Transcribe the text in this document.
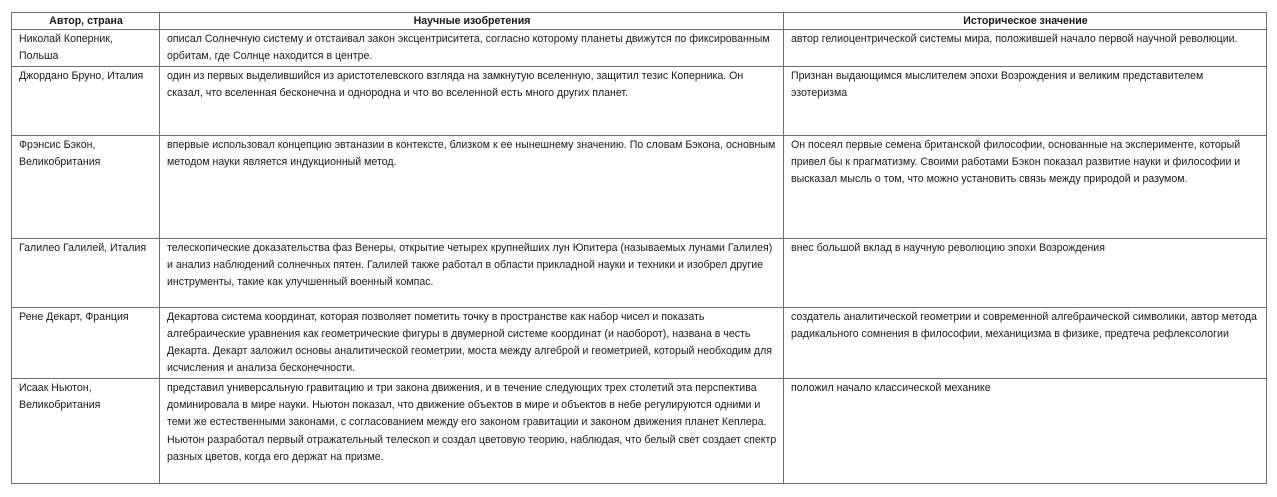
Автор, страна	Научные изобретения	Историческое значение
Николай Коперник, Польша	описал Солнечную систему и отстаивал закон эксцентриситета, согласно которому планеты движутся по фиксированным орбитам, где Солнце находится в центре.	автор гелиоцентрической системы мира, положившей начало первой научной революции.
Джордано Бруно, Италия	один из первых выделившийся из аристотелевского взгляда на замкнутую вселенную, защитил тезис Коперника. Он сказал, что вселенная бесконечна и однородна и что во вселенной есть много других планет.	Признан выдающимся мыслителем эпохи Возрождения и великим представителем эзотеризма
Фрэнсис Бэкон, Великобритания	впервые использовал концепцию эвтаназии в контексте, близком к ее нынешнему значению. По словам Бэкона, основным методом науки является индукционный метод.	Он посеял первые семена британской философии, основанные на эксперименте, который привел бы к прагматизму. Своими работами Бэкон показал развитие науки и философии и высказал мысль о том, что можно установить связь между природой и разумом.
Галилео Галилей, Италия	телескопические доказательства фаз Венеры, открытие четырех крупнейших лун Юпитера (называемых лунами Галилея) и анализ наблюдений солнечных пятен. Галилей также работал в области прикладной науки и техники и изобрел другие инструменты, такие как улучшенный военный компас.	внес большой вклад в научную революцию эпохи Возрождения
Рене Декарт, Франция	Декартова система координат, которая позволяет пометить точку в пространстве как набор чисел и показать алгебраические уравнения как геометрические фигуры в двумерной системе координат (и наоборот), названа в честь Декарта. Декарт заложил основы аналитической геометрии, моста между алгеброй и геометрией, который необходим для исчисления и анализа бесконечности.	создатель аналитической геометрии и современной алгебраической символики, автор метода радикального сомнения в философии, механицизма в физике, предтеча рефлексологии
Исаак Ньютон, Великобритания	представил универсальную гравитацию и три закона движения, и в течение следующих трех столетий эта перспектива доминировала в мире науки. Ньютон показал, что движение объектов в мире и объектов в небе регулируются одними и теми же естественными законами, с согласованием между его законом гравитации и законом движения планет Кеплера. Ньютон разработал первый отражательный телескоп и создал цветовую теорию, наблюдая, что белый свет создает спектр разных цветов, когда его держат на призме.	положил начало классической механике
